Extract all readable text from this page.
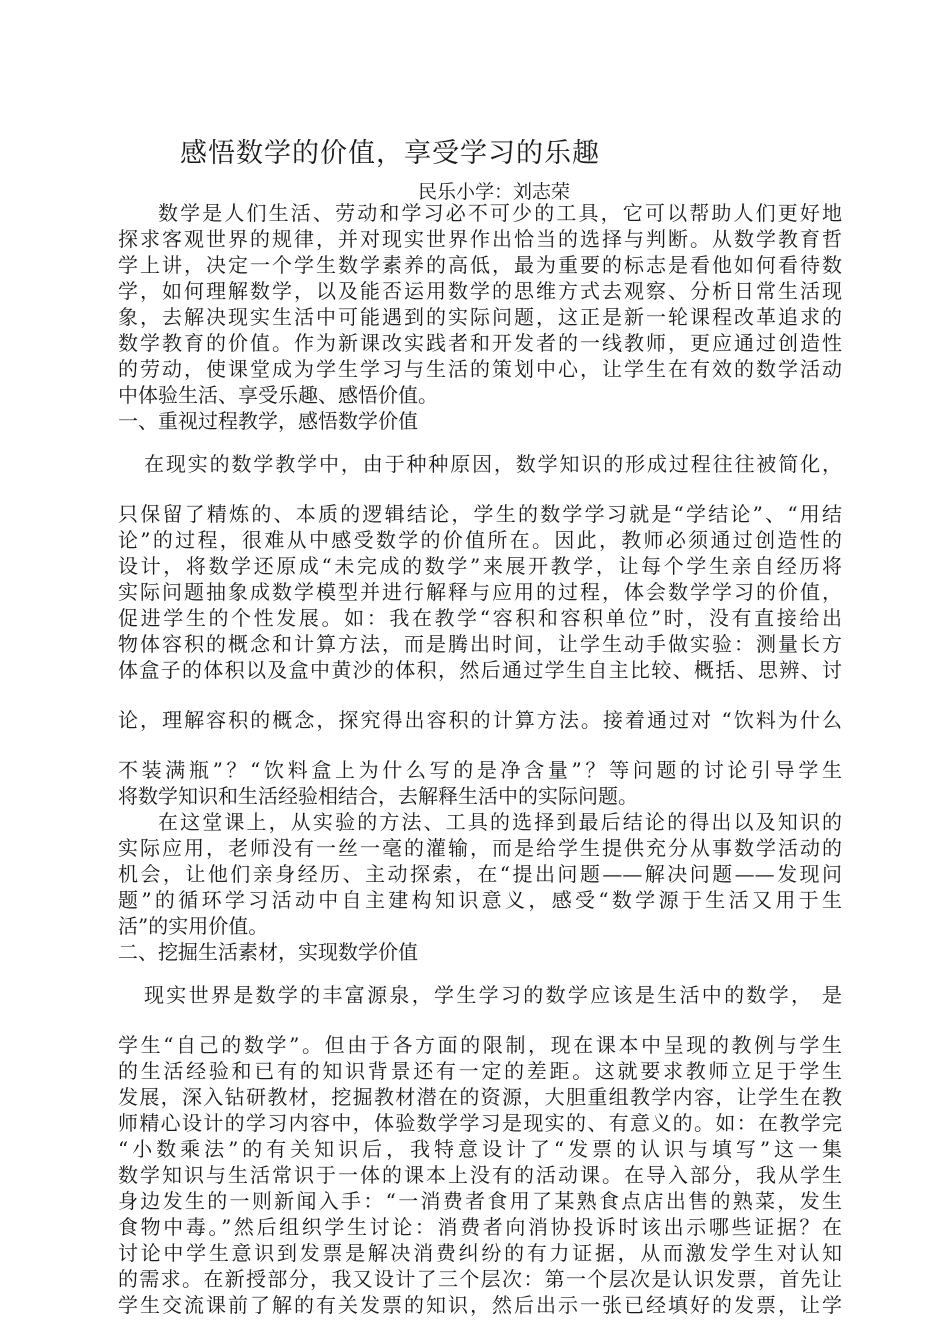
感悟数学的价值，享受学习的乐趣
民乐小学：刘志荣
数学是人们生活、劳动和学习必不可少的工具，它可以帮助人们更好地
探求客观世界的规律，并对现实世界作出恰当的选择与判断。从数学教育哲
学上讲，决定一个学生数学素养的高低，最为重要的标志是看他如何看待数
学，如何理解数学，以及能否运用数学的思维方式去观察、分析日常生活现
象，去解决现实生活中可能遇到的实际问题，这正是新一轮课程改革追求的
数学教育的价值。作为新课改实践者和开发者的一线教师，更应通过创造性
的劳动，使课堂成为学生学习与生活的策划中心，让学生在有效的数学活动
中体验生活、享受乐趣、感悟价值。
一、重视过程教学，感悟数学价值
在现实的数学教学中，由于种种原因，数学知识的形成过程往往被简化，
只保留了精炼的、本质的逻辑结论，学生的数学学习就是“学结论”、“用结
论”的过程，很难从中感受数学的价值所在。因此，教师必须通过创造性的
设计，将数学还原成“未完成的数学”来展开教学，让每个学生亲自经历将
实际问题抽象成数学模型并进行解释与应用的过程，体会数学学习的价值，
促进学生的个性发展。如：我在教学“容积和容积单位”时，没有直接给出
物体容积的概念和计算方法，而是腾出时间，让学生动手做实验：测量长方
体盒子的体积以及盒中黄沙的体积，然后通过学生自主比较、概括、思辨、讨
论，理解容积的概念，探究得出容积的计算方法。接着通过对 “饮料为什么
不装满瓶”？“饮料盒上为什么写的是净含量”？等问题的讨论引导学生
将数学知识和生活经验相结合，去解释生活中的实际问题。
在这堂课上，从实验的方法、工具的选择到最后结论的得出以及知识的
实际应用，老师没有一丝一毫的灌输，而是给学生提供充分从事数学活动的
机会，让他们亲身经历、主动探索，在“提出问题——解决问题——发现问
题”的循环学习活动中自主建构知识意义，感受“数学源于生活又用于生
活”的实用价值。
二、挖掘生活素材，实现数学价值
现实世界是数学的丰富源泉，学生学习的数学应该是生活中的数学， 是
学生“自己的数学”。但由于各方面的限制，现在课本中呈现的教例与学生
的生活经验和已有的知识背景还有一定的差距。这就要求教师立足于学生
发展，深入钻研教材，挖掘教材潜在的资源，大胆重组教学内容，让学生在教
师精心设计的学习内容中，体验数学学习是现实的、有意义的。如：在教学完
“小数乘法”的有关知识后，我特意设计了“发票的认识与填写”这一集
数学知识与生活常识于一体的课本上没有的活动课。在导入部分，我从学生
身边发生的一则新闻入手：“一消费者食用了某熟食点店出售的熟菜，发生
食物中毒。”然后组织学生讨论：消费者向消协投诉时该出示哪些证据？在
讨论中学生意识到发票是解决消费纠纷的有力证据，从而激发学生对认知
的需求。在新授部分，我又设计了三个层次：第一个层次是认识发票，首先让
学生交流课前了解的有关发票的知识，然后出示一张已经填好的发票，让学
